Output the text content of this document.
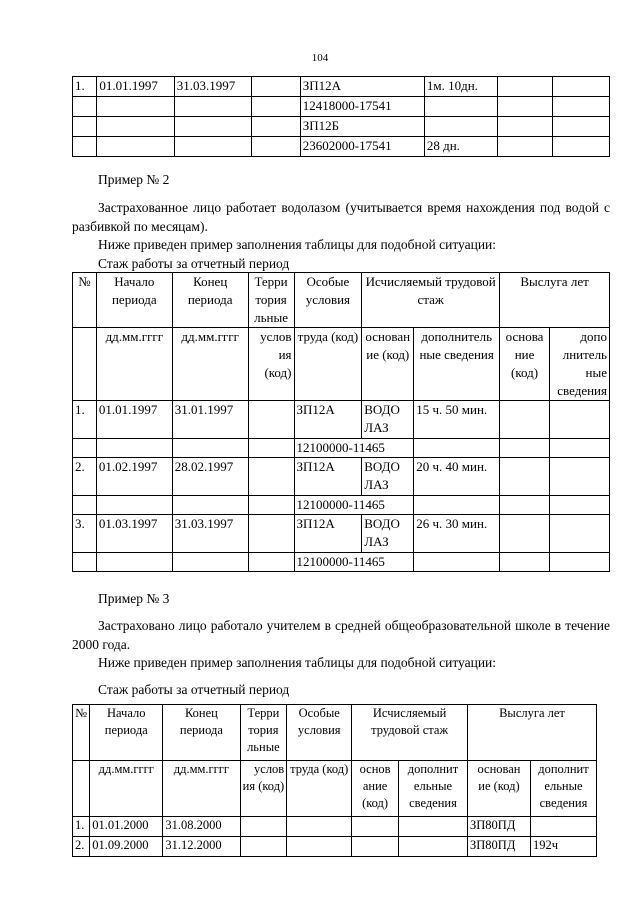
104
1.	01.01.1997	31.03.1997		ЗП12А	1м. 10дн.		
				12418000-17541			
				ЗП12Б			
				23602000-17541	28 дн.		

Пример № 2

Застрахованное лицо работает водолазом (учитывается время нахождения под водой с разбивкой по месяцам).

Ниже приведен пример заполнения таблицы для подобной ситуации:

Стаж работы за отчетный период

№	Начало периода	Конец периода	Терри тория льные	Особые условия	Исчисляемый трудовой стаж		Выслуга лет	
	дд.мм.гггг	дд.мм.гггг	услов ия (код)	труда (код)	основан ие (код)	дополнитель ные сведения	основа ние (код)	допо лнитель ные сведения
1.	01.01.1997	31.01.1997		ЗП12А	ВОДО ЛАЗ	15 ч. 50 мин.		
				12100000-11465				
2.	01.02.1997	28.02.1997		ЗП12А	ВОДО ЛАЗ	20 ч. 40 мин.		
				12100000-11465				
3.	01.03.1997	31.03.1997		ЗП12А	ВОДО ЛАЗ	26 ч. 30 мин.		
				12100000-11465				

Пример № 3

Застраховано лицо работало учителем в средней общеобразовательной школе в течение 2000 года.

Ниже приведен пример заполнения таблицы для подобной ситуации:

Стаж работы за отчетный период

№	Начало периода	Конец периода	Терри тория льные	Особые условия	Исчисляемый трудовой стаж		Выслуга лет	
	дд.мм.гггг	дд.мм.гггг	услов ия (код)	труда (код)	основ ание (код)	дополнит ельные сведения	основан ие (код)	дополнит ельные сведения
1.	01.01.2000	31.08.2000					ЗП80ПД	
2.	01.09.2000	31.12.2000					ЗП80ПД	192ч
